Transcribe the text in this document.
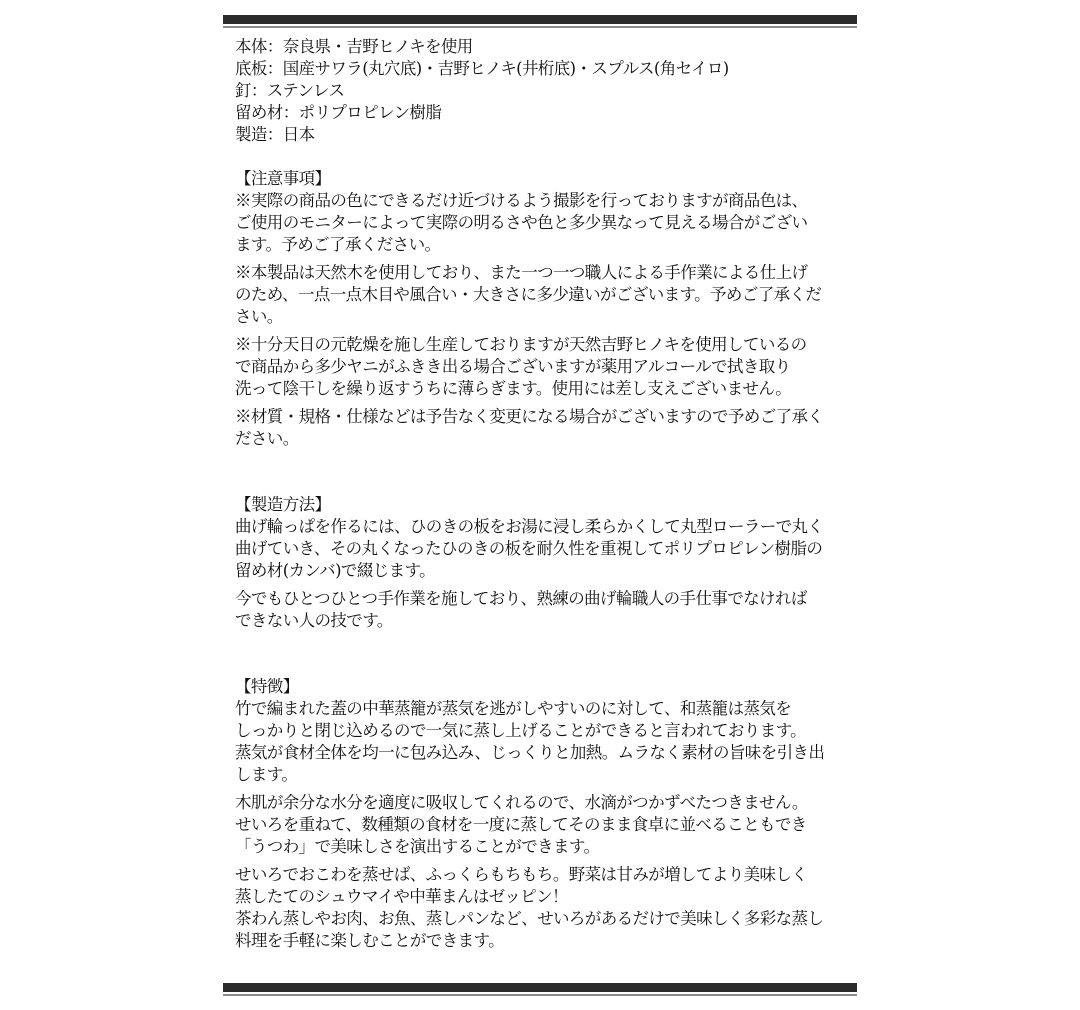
本体：奈良県・吉野ヒノキを使用
底板：国産サワラ(丸穴底)・吉野ヒノキ(井桁底)・スプルス(角セイロ)
釘：ステンレス
留め材：ポリプロピレン樹脂
製造：日本
【注意事項】
※実際の商品の色にできるだけ近づけるよう撮影を行っておりますが商品色は、
ご使用のモニターによって実際の明るさや色と多少異なって見える場合がござい
ます。予めご了承ください。
※本製品は天然木を使用しており、また一つ一つ職人による手作業による仕上げ
のため、一点一点木目や風合い・大きさに多少違いがございます。予めご了承くだ
さい。
※十分天日の元乾燥を施し生産しておりますが天然吉野ヒノキを使用しているの
で商品から多少ヤニがふきき出る場合ございますが薬用アルコールで拭き取り
洗って陰干しを繰り返すうちに薄らぎます。使用には差し支えございません。
※材質・規格・仕様などは予告なく変更になる場合がございますので予めご了承く
ださい。
【製造方法】
曲げ輪っぱを作るには、ひのきの板をお湯に浸し柔らかくして丸型ローラーで丸く
曲げていき、その丸くなったひのきの板を耐久性を重視してポリプロピレン樹脂の
留め材(カンバ)で綴じます。
今でもひとつひとつ手作業を施しており、熟練の曲げ輪職人の手仕事でなければ
できない人の技です。
【特徴】
竹で編まれた蓋の中華蒸籠が蒸気を逃がしやすいのに対して、和蒸籠は蒸気を
しっかりと閉じ込めるので一気に蒸し上げることができると言われております。
蒸気が食材全体を均一に包み込み、じっくりと加熱。ムラなく素材の旨味を引き出
します。
木肌が余分な水分を適度に吸収してくれるので、水滴がつかずべたつきません。
せいろを重ねて、数種類の食材を一度に蒸してそのまま食卓に並べることもでき
「うつわ」で美味しさを演出することができます。
せいろでおこわを蒸せば、ふっくらもちもち。野菜は甘みが増してより美味しく
蒸したてのシュウマイや中華まんはゼッピン！
茶わん蒸しやお肉、お魚、蒸しパンなど、せいろがあるだけで美味しく多彩な蒸し
料理を手軽に楽しむことができます。
